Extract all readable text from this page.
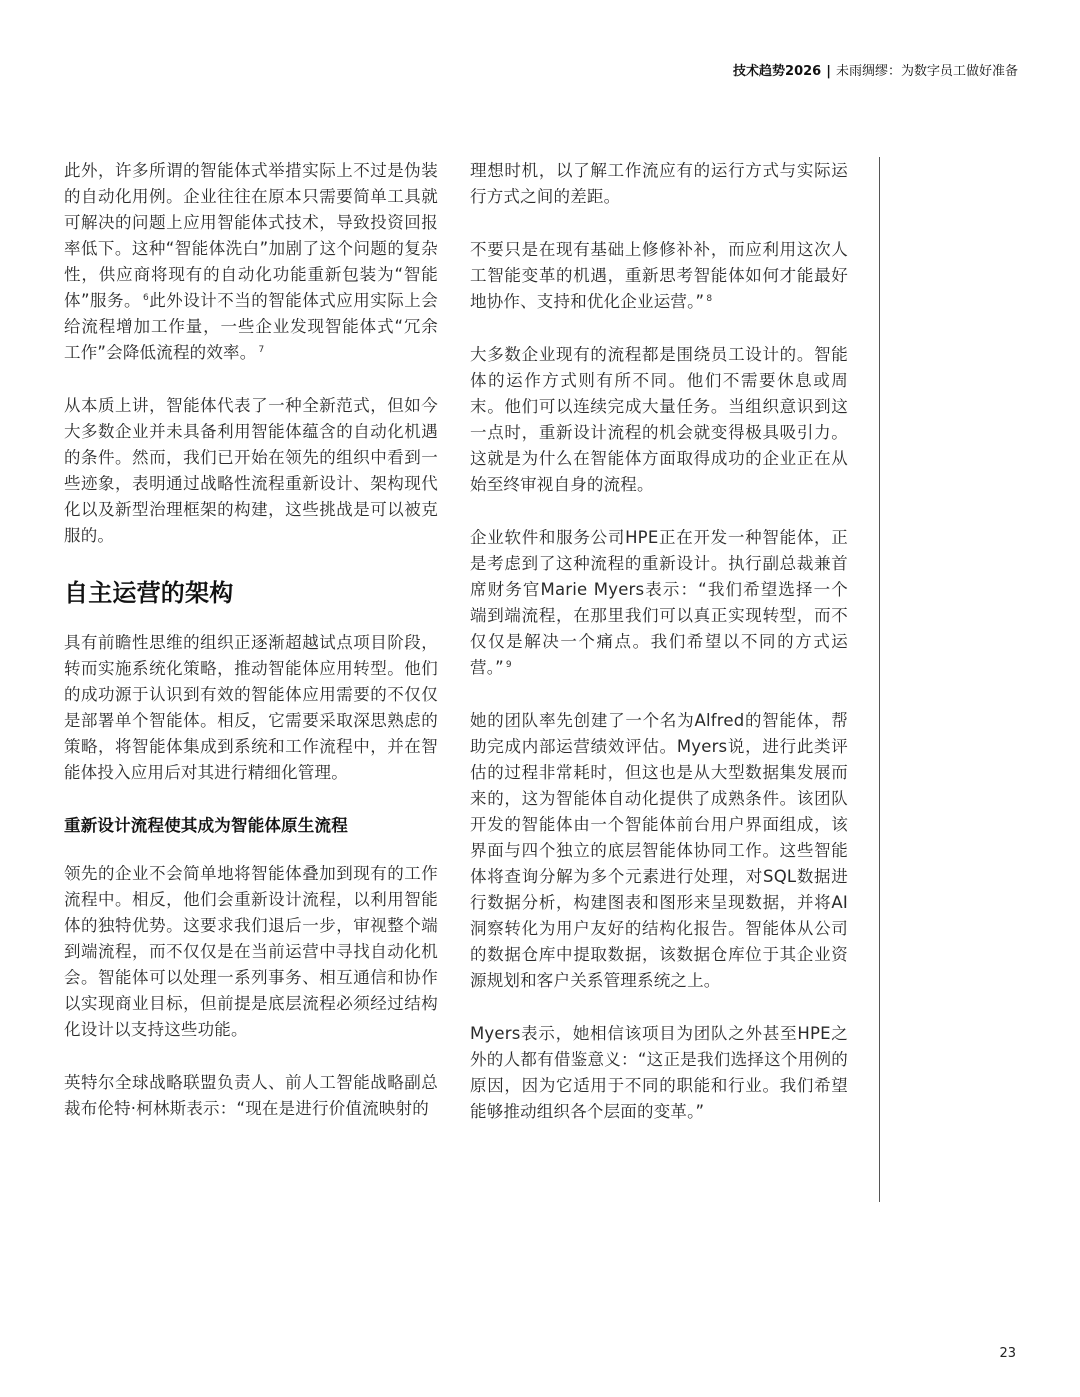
技术趋势2026 | 未雨绸缪：为数字员工做好准备

此外，许多所谓的智能体式举措实际上不过是伪装的自动化用例。企业往往在原本只需要简单工具就可解决的问题上应用智能体式技术，导致投资回报率低下。这种“智能体洗白”加剧了这个问题的复杂性，供应商将现有的自动化功能重新包装为“智能体”服务。 $^6$此外设计不当的智能体式应用实际上会给流程增加工作量，一些企业发现智能体式“冗余工作”会降低流程的效率。 $^7$

从本质上讲，智能体代表了一种全新范式，但如今大多数企业并未具备利用智能体蕴含的自动化机遇的条件。然而，我们已开始在领先的组织中看到一些迹象，表明通过战略性流程重新设计、架构现代化以及新型治理框架的构建，这些挑战是可以被克服的。

自主运营的架构

具有前瞻性思维的组织正逐渐超越试点项目阶段，转而实施系统化策略，推动智能体应用转型。他们的成功源于认识到有效的智能体应用需要的不仅仅是部署单个智能体。相反，它需要采取深思熟虑的策略，将智能体集成到系统和工作流程中，并在智能体投入应用后对其进行精细化管理。

重新设计流程使其成为智能体原生流程

领先的企业不会简单地将智能体叠加到现有的工作流程中。相反，他们会重新设计流程，以利用智能体的独特优势。这要求我们退后一步，审视整个端到端流程，而不仅仅是在当前运营中寻找自动化机会。智能体可以处理一系列事务、相互通信和协作以实现商业目标，但前提是底层流程必须经过结构化设计以支持这些功能。

英特尔全球战略联盟负责人、前人工智能战略副总裁布伦特·柯林斯表示：“现在是进行价值流映射的

理想时机，以了解工作流应有的运行方式与实际运行方式之间的差距。

不要只是在现有基础上修修补补，而应利用这次人工智能变革的机遇，重新思考智能体如何才能最好地协作、支持和优化企业运营。” $^8$

大多数企业现有的流程都是围绕员工设计的。智能体的运作方式则有所不同。他们不需要休息或周末。他们可以连续完成大量任务。当组织意识到这一点时，重新设计流程的机会就变得极具吸引力。这就是为什么在智能体方面取得成功的企业正在从始至终审视自身的流程。

企业软件和服务公司HPE正在开发一种智能体，正是考虑到了这种流程的重新设计。执行副总裁兼首席财务官Marie Myers表示：“我们希望选择一个端到端流程，在那里我们可以真正实现转型，而不仅仅是解决一个痛点。我们希望以不同的方式运营。” $^9$

她的团队率先创建了一个名为Alfred的智能体，帮助完成内部运营绩效评估。Myers说，进行此类评估的过程非常耗时，但这也是从大型数据集发展而来的，这为智能体自动化提供了成熟条件。该团队开发的智能体由一个智能体前台用户界面组成，该界面与四个独立的底层智能体协同工作。这些智能体将查询分解为多个元素进行处理，对SQL数据进行数据分析，构建图表和图形来呈现数据，并将AI洞察转化为用户友好的结构化报告。智能体从公司的数据仓库中提取数据，该数据仓库位于其企业资源规划和客户关系管理系统之上。

Myers表示，她相信该项目为团队之外甚至HPE之外的人都有借鉴意义：“这正是我们选择这个用例的原因，因为它适用于不同的职能和行业。我们希望能够推动组织各个层面的变革。”

23
